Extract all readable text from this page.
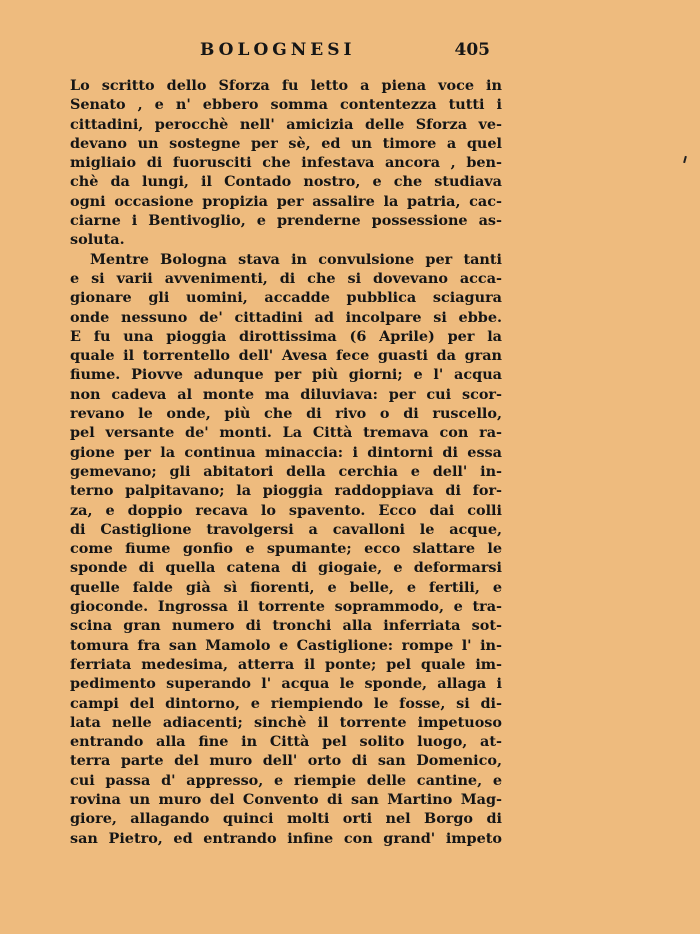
BOLOGNESI	405
Lo scritto dello Sforza fu letto a piena voce in
Senato , e n' ebbero somma contentezza tutti i
cittadini, perocchè nell' amicizia delle Sforza ve-
devano un sostegne per sè, ed un timore a quel
migliaio di fuorusciti che infestava ancora , ben-
chè da lungi, il Contado nostro, e che studiava
ogni occasione propizia per assalire la patria, cac-
ciarne i Bentivoglio, e prenderne possessione as-
soluta.
Mentre Bologna stava in convulsione per tanti
e si varii avvenimenti, di che si dovevano acca-
gionare gli uomini, accadde pubblica sciagura
onde nessuno de' cittadini ad incolpare si ebbe.
E fu una pioggia dirottissima (6 Aprile) per la
quale il torrentello dell' Avesa fece guasti da gran
fiume. Piovve adunque per più giorni; e l' acqua
non cadeva al monte ma diluviava: per cui scor-
revano le onde, più che di rivo o di ruscello,
pel versante de' monti. La Città tremava con ra-
gione per la continua minaccia: i dintorni di essa
gemevano; gli abitatori della cerchia e dell' in-
terno palpitavano; la pioggia raddoppiava di for-
za, e doppio recava lo spavento. Ecco dai colli
di Castiglione travolgersi a cavalloni le acque,
come fiume gonfio e spumante; ecco slattare le
sponde di quella catena di giogaie, e deformarsi
quelle falde già sì fiorenti, e belle, e fertili, e
gioconde. Ingrossa il torrente soprammodo, e tra-
scina gran numero di tronchi alla inferriata sot-
tomura fra san Mamolo e Castiglione: rompe l' in-
ferriata medesima, atterra il ponte; pel quale im-
pedimento superando l' acqua le sponde, allaga i
campi del dintorno, e riempiendo le fosse, si di-
lata nelle adiacenti; sinchè il torrente impetuoso
entrando alla fine in Città pel solito luogo, at-
terra parte del muro dell' orto di san Domenico,
cui passa d' appresso, e riempie delle cantine, e
rovina un muro del Convento di san Martino Mag-
giore, allagando quinci molti orti nel Borgo di
san Pietro, ed entrando infine con grand' impeto
